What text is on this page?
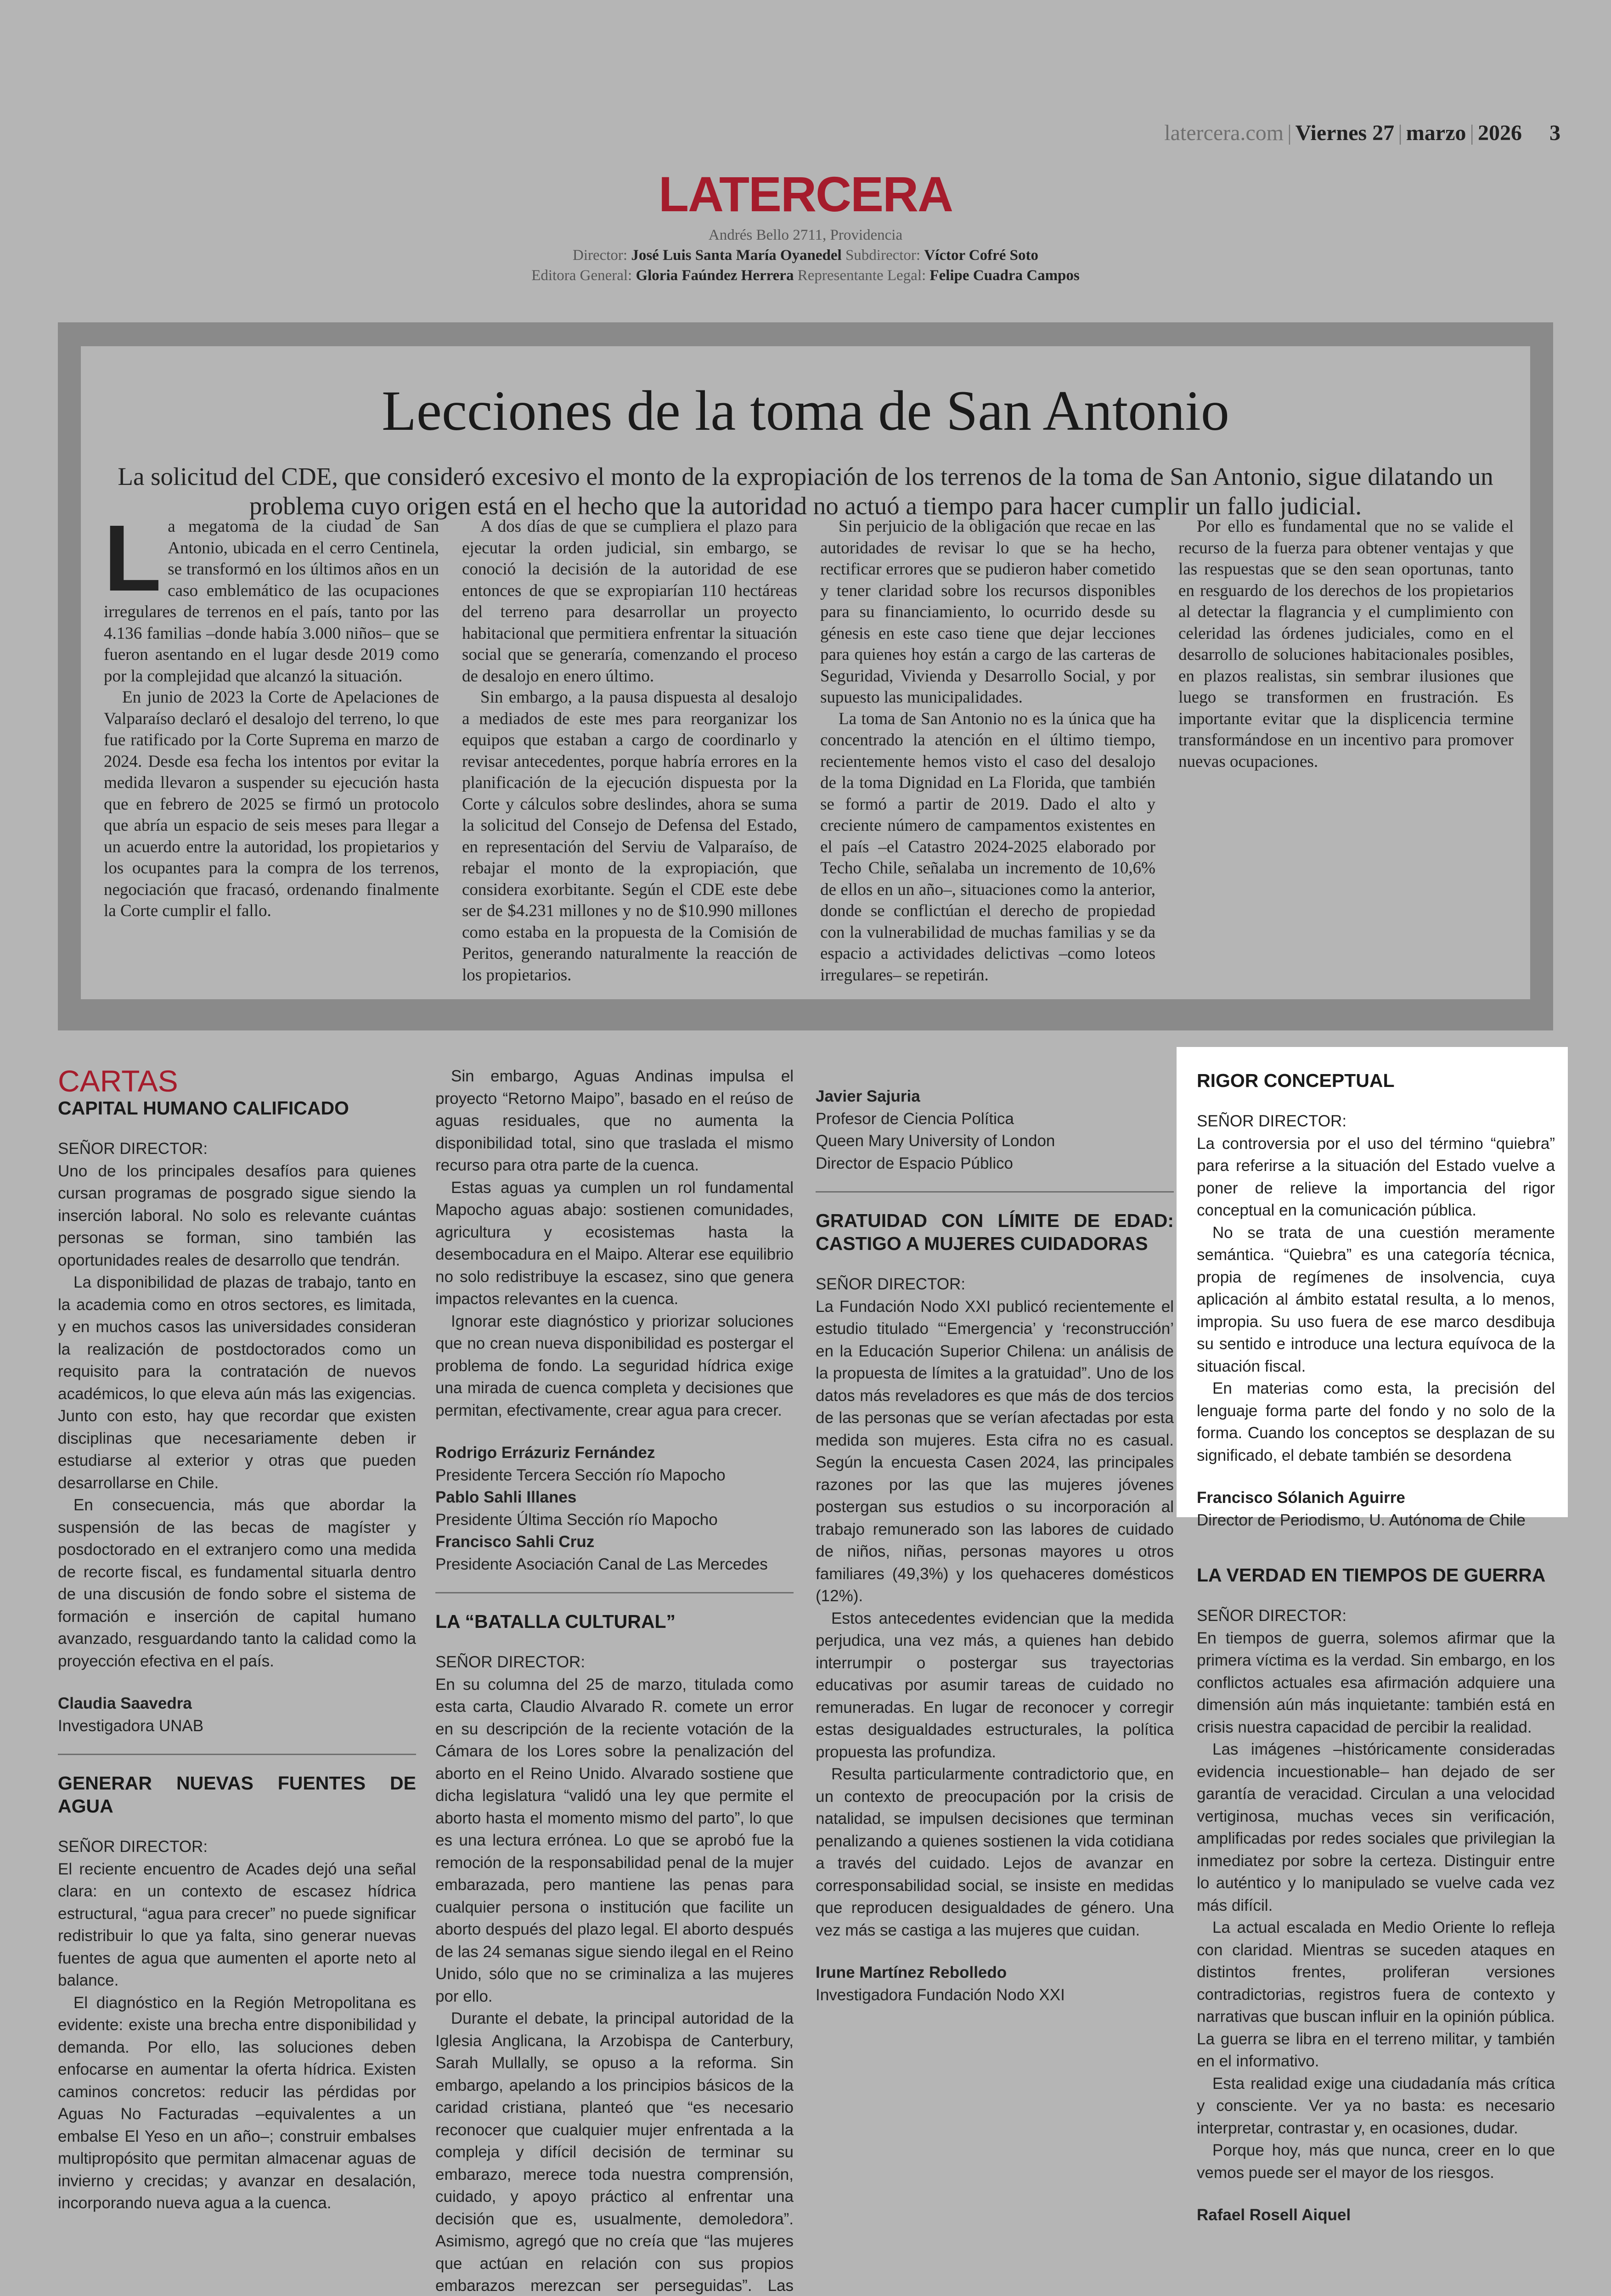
latercera.com | Viernes 27 | marzo | 2026 3
LATERCERA
Andrés Bello 2711, Providencia
Director: José Luis Santa María Oyanedel Subdirector: Víctor Cofré Soto
Editora General: Gloria Faúndez Herrera Representante Legal: Felipe Cuadra Campos
Lecciones de la toma de San Antonio
La solicitud del CDE, que consideró excesivo el monto de la expropiación de los terrenos de la toma de San Antonio, sigue dilatando un problema cuyo origen está en el hecho que la autoridad no actuó a tiempo para hacer cumplir un fallo judicial.
L a megatoma de la ciudad de San Antonio, ubicada en el cerro Centinela, se transformó en los últimos años en un caso emblemático de las ocupaciones irregulares de terrenos en el país, tanto por las 4.136 familias –donde había 3.000 niños– que se fueron asentando en el lugar desde 2019 como por la complejidad que alcanzó la situación.

En junio de 2023 la Corte de Apelaciones de Valparaíso declaró el desalojo del terreno, lo que fue ratificado por la Corte Suprema en marzo de 2024. Desde esa fecha los intentos por evitar la medida llevaron a suspender su ejecución hasta que en febrero de 2025 se firmó un protocolo que abría un espacio de seis meses para llegar a un acuerdo entre la autoridad, los propietarios y los ocupantes para la compra de los terrenos, negociación que fracasó, ordenando finalmente la Corte cumplir el fallo.

A dos días de que se cumpliera el plazo para ejecutar la orden judicial, sin embargo, se conoció la decisión de la autoridad de ese entonces de que se expropiarían 110 hectáreas del terreno para desarrollar un proyecto habitacional que permitiera enfrentar la situación social que se generaría, comenzando el proceso de desalojo en enero último.

Sin embargo, a la pausa dispuesta al desalojo a mediados de este mes para reorganizar los equipos que estaban a cargo de coordinarlo y revisar antecedentes, porque habría errores en la planificación de la ejecución dispuesta por la Corte y cálculos sobre deslindes, ahora se suma la solicitud del Consejo de Defensa del Estado, en representación del Serviu de Valparaíso, de rebajar el monto de la expropiación, que considera exorbitante. Según el CDE este debe ser de $4.231 millones y no de $10.990 millones como estaba en la propuesta de la Comisión de Peritos, generando naturalmente la reacción de los propietarios.

Sin perjuicio de la obligación que recae en las autoridades de revisar lo que se ha hecho, rectificar errores que se pudieron haber cometido y tener claridad sobre los recursos disponibles para su financiamiento, lo ocurrido desde su génesis en este caso tiene que dejar lecciones para quienes hoy están a cargo de las carteras de Seguridad, Vivienda y Desarrollo Social, y por supuesto las municipalidades.

La toma de San Antonio no es la única que ha concentrado la atención en el último tiempo, recientemente hemos visto el caso del desalojo de la toma Dignidad en La Florida, que también se formó a partir de 2019. Dado el alto y creciente número de campamentos existentes en el país –el Catastro 2024-2025 elaborado por Techo Chile, señalaba un incremento de 10,6% de ellos en un año–, situaciones como la anterior, donde se conflictúan el derecho de propiedad con la vulnerabilidad de muchas familias y se da espacio a actividades delictivas –como loteos irregulares– se repetirán.

Por ello es fundamental que no se valide el recurso de la fuerza para obtener ventajas y que las respuestas que se den sean oportunas, tanto en resguardo de los derechos de los propietarios al detectar la flagrancia y el cumplimiento con celeridad las órdenes judiciales, como en el desarrollo de soluciones habitacionales posibles, en plazos realistas, sin sembrar ilusiones que luego se transformen en frustración. Es importante evitar que la displicencia termine transformándose en un incentivo para promover nuevas ocupaciones.

CARTAS

CAPITAL HUMANO CALIFICADO

SEÑOR DIRECTOR:

Uno de los principales desafíos para quienes cursan programas de posgrado sigue siendo la inserción laboral. No solo es relevante cuántas personas se forman, sino también las oportunidades reales de desarrollo que tendrán.

La disponibilidad de plazas de trabajo, tanto en la academia como en otros sectores, es limitada, y en muchos casos las universidades consideran la realización de postdoctorados como un requisito para la contratación de nuevos académicos, lo que eleva aún más las exigencias. Junto con esto, hay que recordar que existen disciplinas que necesariamente deben ir estudiarse al exterior y otras que pueden desarrollarse en Chile.

En consecuencia, más que abordar la suspensión de las becas de magíster y posdoctorado en el extranjero como una medida de recorte fiscal, es fundamental situarla dentro de una discusión de fondo sobre el sistema de formación e inserción de capital humano avanzado, resguardando tanto la calidad como la proyección efectiva en el país.

Claudia Saavedra

Investigadora UNAB

GENERAR NUEVAS FUENTES DE AGUA

SEÑOR DIRECTOR:

El reciente encuentro de Acades dejó una señal clara: en un contexto de escasez hídrica estructural, “agua para crecer” no puede significar redistribuir lo que ya falta, sino generar nuevas fuentes de agua que aumenten el aporte neto al balance.

El diagnóstico en la Región Metropolitana es evidente: existe una brecha entre disponibilidad y demanda. Por ello, las soluciones deben enfocarse en aumentar la oferta hídrica. Existen caminos concretos: reducir las pérdidas por Aguas No Facturadas –equivalentes a un embalse El Yeso en un año–; construir embalses multipropósito que permitan almacenar aguas de invierno y crecidas; y avanzar en desalación, incorporando nueva agua a la cuenca.

Sin embargo, Aguas Andinas impulsa el proyecto “Retorno Maipo”, basado en el reúso de aguas residuales, que no aumenta la disponibilidad total, sino que traslada el mismo recurso para otra parte de la cuenca.

Estas aguas ya cumplen un rol fundamental Mapocho aguas abajo: sostienen comunidades, agricultura y ecosistemas hasta la desembocadura en el Maipo. Alterar ese equilibrio no solo redistribuye la escasez, sino que genera impactos relevantes en la cuenca.

Ignorar este diagnóstico y priorizar soluciones que no crean nueva disponibilidad es postergar el problema de fondo. La seguridad hídrica exige una mirada de cuenca completa y decisiones que permitan, efectivamente, crear agua para crecer.

Rodrigo Errázuriz Fernández

Presidente Tercera Sección río Mapocho

Pablo Sahli Illanes

Presidente Última Sección río Mapocho

Francisco Sahli Cruz

Presidente Asociación Canal de Las Mercedes

LA “BATALLA CULTURAL”

SEÑOR DIRECTOR:

En su columna del 25 de marzo, titulada como esta carta, Claudio Alvarado R. comete un error en su descripción de la reciente votación de la Cámara de los Lores sobre la penalización del aborto en el Reino Unido. Alvarado sostiene que dicha legislatura “validó una ley que permite el aborto hasta el momento mismo del parto”, lo que es una lectura errónea. Lo que se aprobó fue la remoción de la responsabilidad penal de la mujer embarazada, pero mantiene las penas para cualquier persona o institución que facilite un aborto después del plazo legal. El aborto después de las 24 semanas sigue siendo ilegal en el Reino Unido, sólo que no se criminaliza a las mujeres por ello.

Durante el debate, la principal autoridad de la Iglesia Anglicana, la Arzobispa de Canterbury, Sarah Mullally, se opuso a la reforma. Sin embargo, apelando a los principios básicos de la caridad cristiana, planteó que “es necesario reconocer que cualquier mujer enfrentada a la compleja y difícil decisión de terminar su embarazo, merece toda nuestra comprensión, cuidado, y apoyo práctico al enfrentar una decisión que es, usualmente, demoledora”. Asimismo, agregó que no creía que “las mujeres que actúan en relación con sus propios embarazos merezcan ser perseguidas”. Las

Javier Sajuria

Profesor de Ciencia Política

Queen Mary University of London

Director de Espacio Público

GRATUIDAD CON LÍMITE DE EDAD: CASTIGO A MUJERES CUIDADORAS

SEÑOR DIRECTOR:

La Fundación Nodo XXI publicó recientemente el estudio titulado “‘Emergencia’ y ‘reconstrucción’ en la Educación Superior Chilena: un análisis de la propuesta de límites a la gratuidad”. Uno de los datos más reveladores es que más de dos tercios de las personas que se verían afectadas por esta medida son mujeres. Esta cifra no es casual. Según la encuesta Casen 2024, las principales razones por las que las mujeres jóvenes postergan sus estudios o su incorporación al trabajo remunerado son las labores de cuidado de niños, niñas, personas mayores u otros familiares (49,3%) y los quehaceres domésticos (12%).

Estos antecedentes evidencian que la medida perjudica, una vez más, a quienes han debido interrumpir o postergar sus trayectorias educativas por asumir tareas de cuidado no remuneradas. En lugar de reconocer y corregir estas desigualdades estructurales, la política propuesta las profundiza.

Resulta particularmente contradictorio que, en un contexto de preocupación por la crisis de natalidad, se impulsen decisiones que terminan penalizando a quienes sostienen la vida cotidiana a través del cuidado. Lejos de avanzar en corresponsabilidad social, se insiste en medidas que reproducen desigualdades de género. Una vez más se castiga a las mujeres que cuidan.

Irune Martínez Rebolledo

Investigadora Fundación Nodo XXI

RIGOR CONCEPTUAL

SEÑOR DIRECTOR:

La controversia por el uso del término “quiebra” para referirse a la situación del Estado vuelve a poner de relieve la importancia del rigor conceptual en la comunicación pública.

No se trata de una cuestión meramente semántica. “Quiebra” es una categoría técnica, propia de regímenes de insolvencia, cuya aplicación al ámbito estatal resulta, a lo menos, impropia. Su uso fuera de ese marco desdibuja su sentido e introduce una lectura equívoca de la situación fiscal.

En materias como esta, la precisión del lenguaje forma parte del fondo y no solo de la forma. Cuando los conceptos se desplazan de su significado, el debate también se desordena

Francisco Sólanich Aguirre

Director de Periodismo, U. Autónoma de Chile

LA VERDAD EN TIEMPOS DE GUERRA

SEÑOR DIRECTOR:

En tiempos de guerra, solemos afirmar que la primera víctima es la verdad. Sin embargo, en los conflictos actuales esa afirmación adquiere una dimensión aún más inquietante: también está en crisis nuestra capacidad de percibir la realidad.

Las imágenes –históricamente consideradas evidencia incuestionable– han dejado de ser garantía de veracidad. Circulan a una velocidad vertiginosa, muchas veces sin verificación, amplificadas por redes sociales que privilegian la inmediatez por sobre la certeza. Distinguir entre lo auténtico y lo manipulado se vuelve cada vez más difícil.

La actual escalada en Medio Oriente lo refleja con claridad. Mientras se suceden ataques en distintos frentes, proliferan versiones contradictorias, registros fuera de contexto y narrativas que buscan influir en la opinión pública. La guerra se libra en el terreno militar, y también en el informativo.

Esta realidad exige una ciudadanía más crítica y consciente. Ver ya no basta: es necesario interpretar, contrastar y, en ocasiones, dudar.

Porque hoy, más que nunca, creer en lo que vemos puede ser el mayor de los riesgos.

Rafael Rosell Aiquel
